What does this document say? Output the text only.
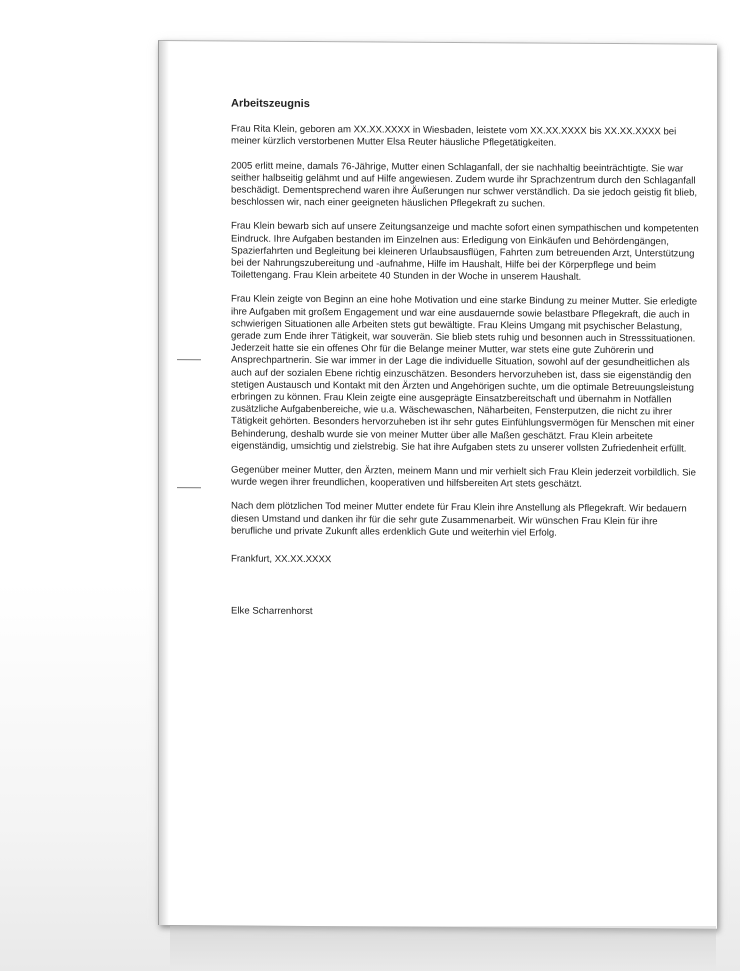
Arbeitszeugnis

Frau Rita Klein, geboren am XX.XX.XXXX in Wiesbaden, leistete vom XX.XX.XXXX bis XX.XX.XXXX bei meiner kürzlich verstorbenen Mutter Elsa Reuter häusliche Pflegetätigkeiten.

2005 erlitt meine, damals 76-Jährige, Mutter einen Schlaganfall, der sie nachhaltig beeinträchtigte. Sie war seither halbseitig gelähmt und auf Hilfe angewiesen. Zudem wurde ihr Sprachzentrum durch den Schlaganfall beschädigt. Dementsprechend waren ihre Äußerungen nur schwer verständlich. Da sie jedoch geistig fit blieb, beschlossen wir, nach einer geeigneten häuslichen Pflegekraft zu suchen.

Frau Klein bewarb sich auf unsere Zeitungsanzeige und machte sofort einen sympathischen und kompetenten Eindruck. Ihre Aufgaben bestanden im Einzelnen aus: Erledigung von Einkäufen und Behördengängen, Spazierfahrten und Begleitung bei kleineren Urlaubsausflügen, Fahrten zum betreuenden Arzt, Unterstützung bei der Nahrungszubereitung und -aufnahme, Hilfe im Haushalt, Hilfe bei der Körperpflege und beim Toilettengang. Frau Klein arbeitete 40 Stunden in der Woche in unserem Haushalt.

Frau Klein zeigte von Beginn an eine hohe Motivation und eine starke Bindung zu meiner Mutter. Sie erledigte ihre Aufgaben mit großem Engagement und war eine ausdauernde sowie belastbare Pflegekraft, die auch in schwierigen Situationen alle Arbeiten stets gut bewältigte. Frau Kleins Umgang mit psychischer Belastung, gerade zum Ende ihrer Tätigkeit, war souverän. Sie blieb stets ruhig und besonnen auch in Stresssituationen. Jederzeit hatte sie ein offenes Ohr für die Belange meiner Mutter, war stets eine gute Zuhörerin und Ansprechpartnerin. Sie war immer in der Lage die individuelle Situation, sowohl auf der gesundheitlichen als auch auf der sozialen Ebene richtig einzuschätzen. Besonders hervorzuheben ist, dass sie eigenständig den stetigen Austausch und Kontakt mit den Ärzten und Angehörigen suchte, um die optimale Betreuungsleistung erbringen zu können. Frau Klein zeigte eine ausgeprägte Einsatzbereitschaft und übernahm in Notfällen zusätzliche Aufgabenbereiche, wie u.a. Wäschewaschen, Näharbeiten, Fensterputzen, die nicht zu ihrer Tätigkeit gehörten. Besonders hervorzuheben ist ihr sehr gutes Einfühlungsvermögen für Menschen mit einer Behinderung, deshalb wurde sie von meiner Mutter über alle Maßen geschätzt. Frau Klein arbeitete eigenständig, umsichtig und zielstrebig. Sie hat ihre Aufgaben stets zu unserer vollsten Zufriedenheit erfüllt.

Gegenüber meiner Mutter, den Ärzten, meinem Mann und mir verhielt sich Frau Klein jederzeit vorbildlich. Sie wurde wegen ihrer freundlichen, kooperativen und hilfsbereiten Art stets geschätzt.

Nach dem plötzlichen Tod meiner Mutter endete für Frau Klein ihre Anstellung als Pflegekraft. Wir bedauern diesen Umstand und danken ihr für die sehr gute Zusammenarbeit. Wir wünschen Frau Klein für ihre berufliche und private Zukunft alles erdenklich Gute und weiterhin viel Erfolg.

Frankfurt, XX.XX.XXXX
Elke Scharrenhorst
